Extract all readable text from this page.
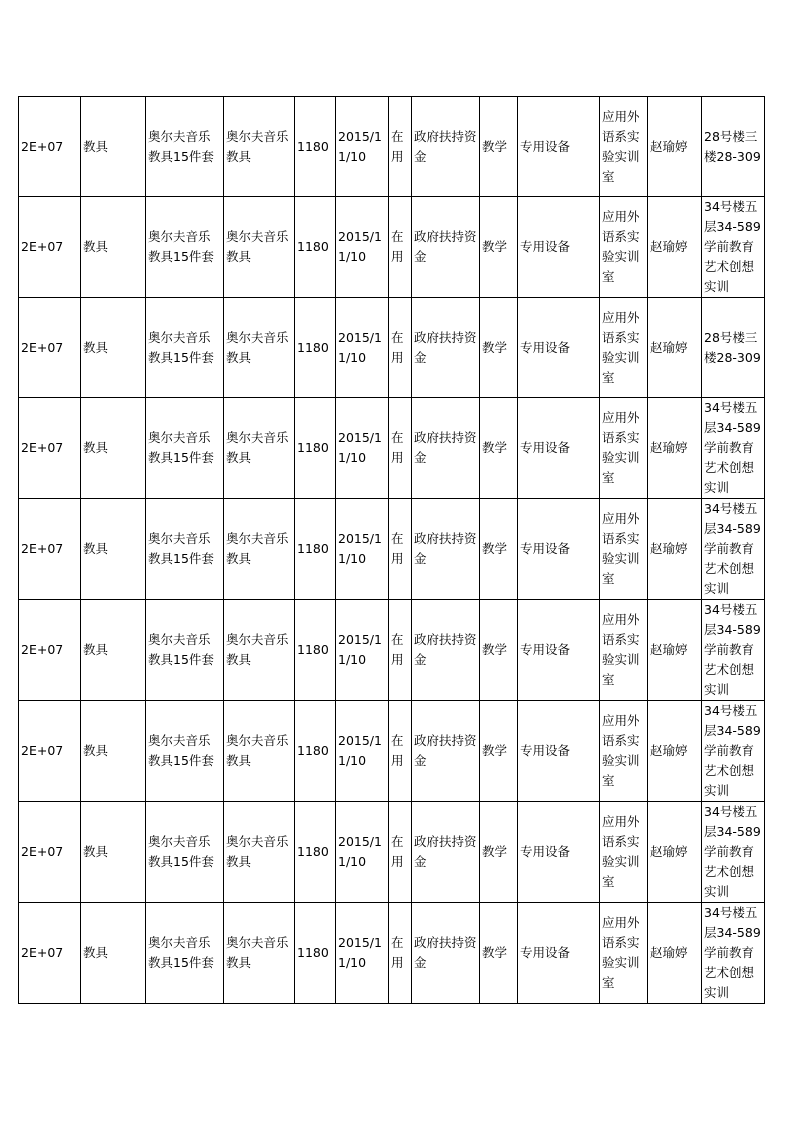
2E+07	教具	奥尔夫音乐教具15件套	奥尔夫音乐教具	1180	2015/11/10	在用	政府扶持资金	教学	专用设备	应用外语系实验实训室	赵瑜婷	28号楼三楼28-309
2E+07	教具	奥尔夫音乐教具15件套	奥尔夫音乐教具	1180	2015/11/10	在用	政府扶持资金	教学	专用设备	应用外语系实验实训室	赵瑜婷	34号楼五层34-589学前教育艺术创想实训
2E+07	教具	奥尔夫音乐教具15件套	奥尔夫音乐教具	1180	2015/11/10	在用	政府扶持资金	教学	专用设备	应用外语系实验实训室	赵瑜婷	28号楼三楼28-309
2E+07	教具	奥尔夫音乐教具15件套	奥尔夫音乐教具	1180	2015/11/10	在用	政府扶持资金	教学	专用设备	应用外语系实验实训室	赵瑜婷	34号楼五层34-589学前教育艺术创想实训
2E+07	教具	奥尔夫音乐教具15件套	奥尔夫音乐教具	1180	2015/11/10	在用	政府扶持资金	教学	专用设备	应用外语系实验实训室	赵瑜婷	34号楼五层34-589学前教育艺术创想实训
2E+07	教具	奥尔夫音乐教具15件套	奥尔夫音乐教具	1180	2015/11/10	在用	政府扶持资金	教学	专用设备	应用外语系实验实训室	赵瑜婷	34号楼五层34-589学前教育艺术创想实训
2E+07	教具	奥尔夫音乐教具15件套	奥尔夫音乐教具	1180	2015/11/10	在用	政府扶持资金	教学	专用设备	应用外语系实验实训室	赵瑜婷	34号楼五层34-589学前教育艺术创想实训
2E+07	教具	奥尔夫音乐教具15件套	奥尔夫音乐教具	1180	2015/11/10	在用	政府扶持资金	教学	专用设备	应用外语系实验实训室	赵瑜婷	34号楼五层34-589学前教育艺术创想实训
2E+07	教具	奥尔夫音乐教具15件套	奥尔夫音乐教具	1180	2015/11/10	在用	政府扶持资金	教学	专用设备	应用外语系实验实训室	赵瑜婷	34号楼五层34-589学前教育艺术创想实训
